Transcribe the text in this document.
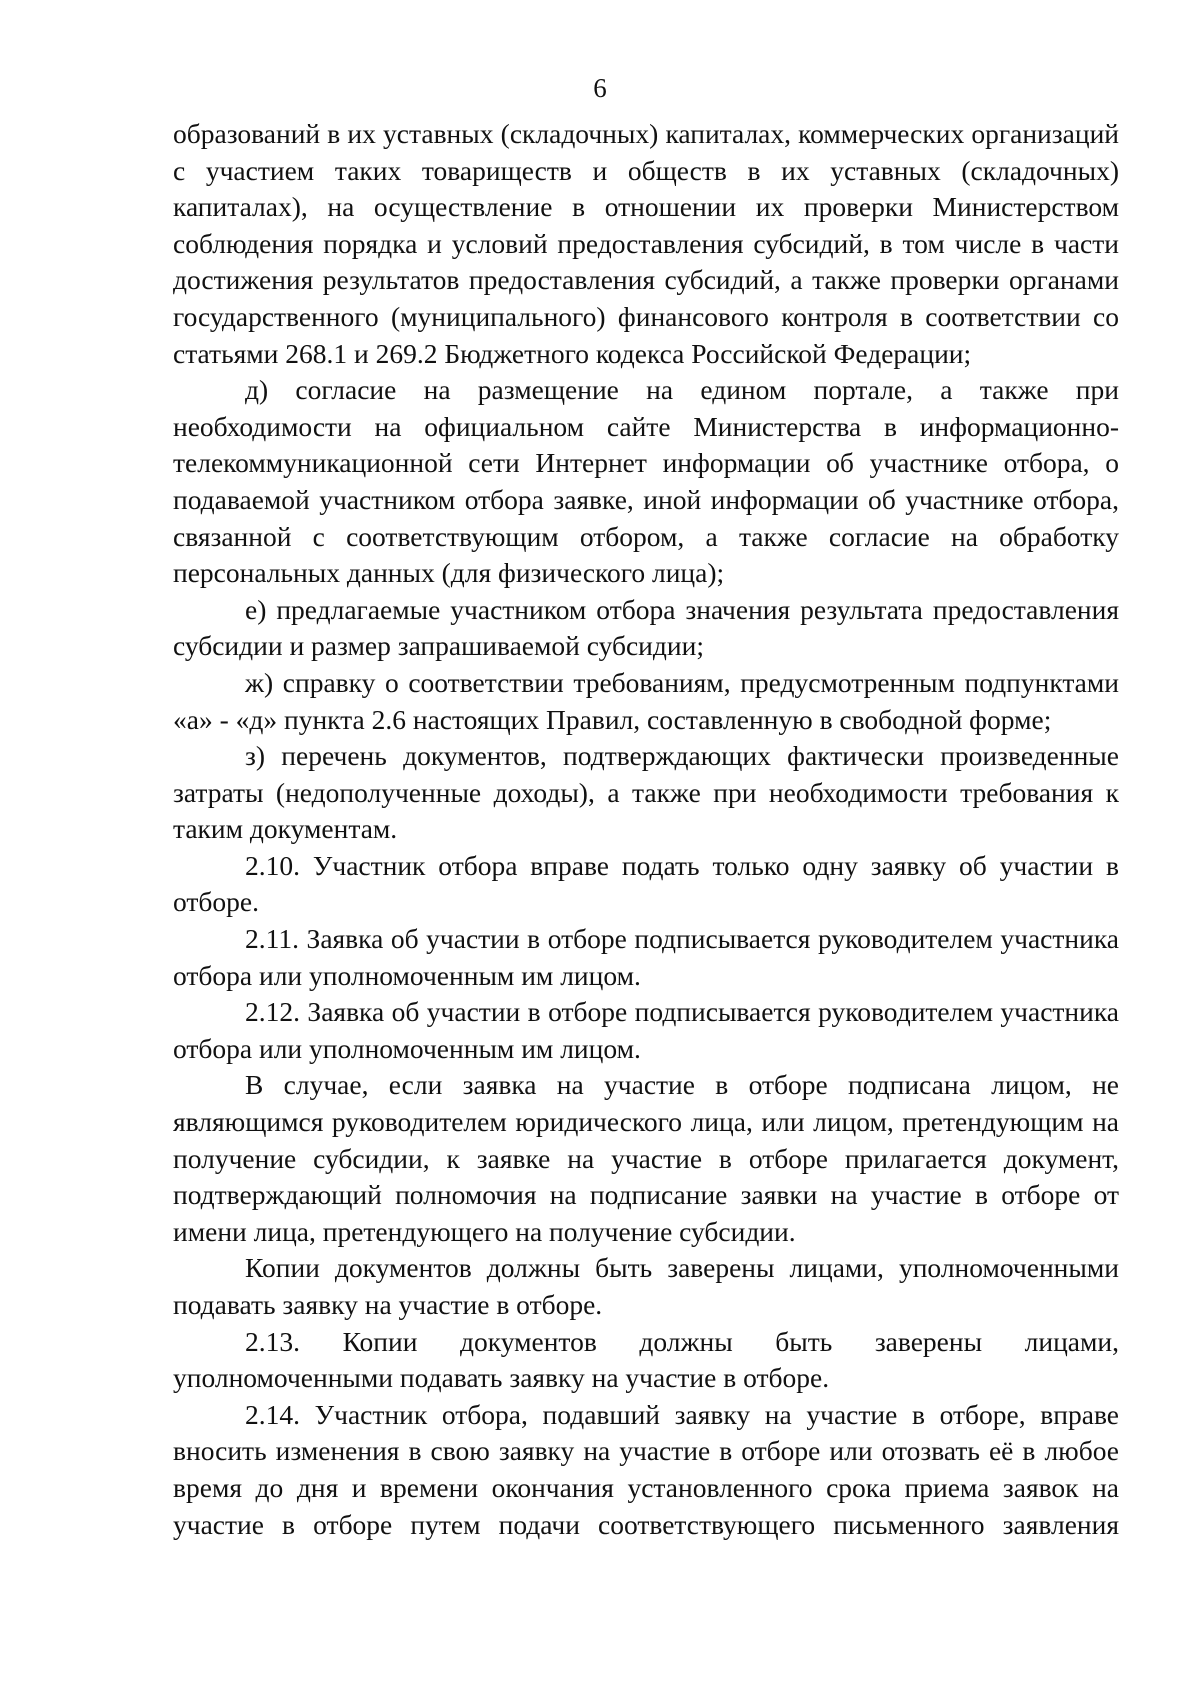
6

образований в их уставных (складочных) капиталах, коммерческих организаций с участием таких товариществ и обществ в их уставных (складочных) капиталах), на осуществление в отношении их проверки Министерством соблюдения порядка и условий предоставления субсидий, в том числе в части достижения результатов предоставления субсидий, а также проверки органами государственного (муниципального) финансового контроля в соответствии со статьями 268.1 и 269.2 Бюджетного кодекса Российской Федерации;

д) согласие на размещение на едином портале, а также при необходимости на официальном сайте Министерства в информационно-телекоммуникационной сети Интернет информации об участнике отбора, о подаваемой участником отбора заявке, иной информации об участнике отбора, связанной с соответствующим отбором, а также согласие на обработку персональных данных (для физического лица);

е) предлагаемые участником отбора значения результата предоставления субсидии и размер запрашиваемой субсидии;

ж) справку о соответствии требованиям, предусмотренным подпунктами «а» - «д» пункта 2.6 настоящих Правил, составленную в свободной форме;

з) перечень документов, подтверждающих фактически произведенные затраты (недополученные доходы), а также при необходимости требования к таким документам.

2.10. Участник отбора вправе подать только одну заявку об участии в отборе.

2.11. Заявка об участии в отборе подписывается руководителем участника отбора или уполномоченным им лицом.

2.12. Заявка об участии в отборе подписывается руководителем участника отбора или уполномоченным им лицом.

В случае, если заявка на участие в отборе подписана лицом, не являющимся руководителем юридического лица, или лицом, претендующим на получение субсидии, к заявке на участие в отборе прилагается документ, подтверждающий полномочия на подписание заявки на участие в отборе от имени лица, претендующего на получение субсидии.

Копии документов должны быть заверены лицами, уполномоченными подавать заявку на участие в отборе.

2.13. Копии документов должны быть заверены лицами, уполномоченными подавать заявку на участие в отборе.

2.14. Участник отбора, подавший заявку на участие в отборе, вправе вносить изменения в свою заявку на участие в отборе или отозвать её в любое время до дня и времени окончания установленного срока приема заявок на участие в отборе путем подачи соответствующего письменного заявления
